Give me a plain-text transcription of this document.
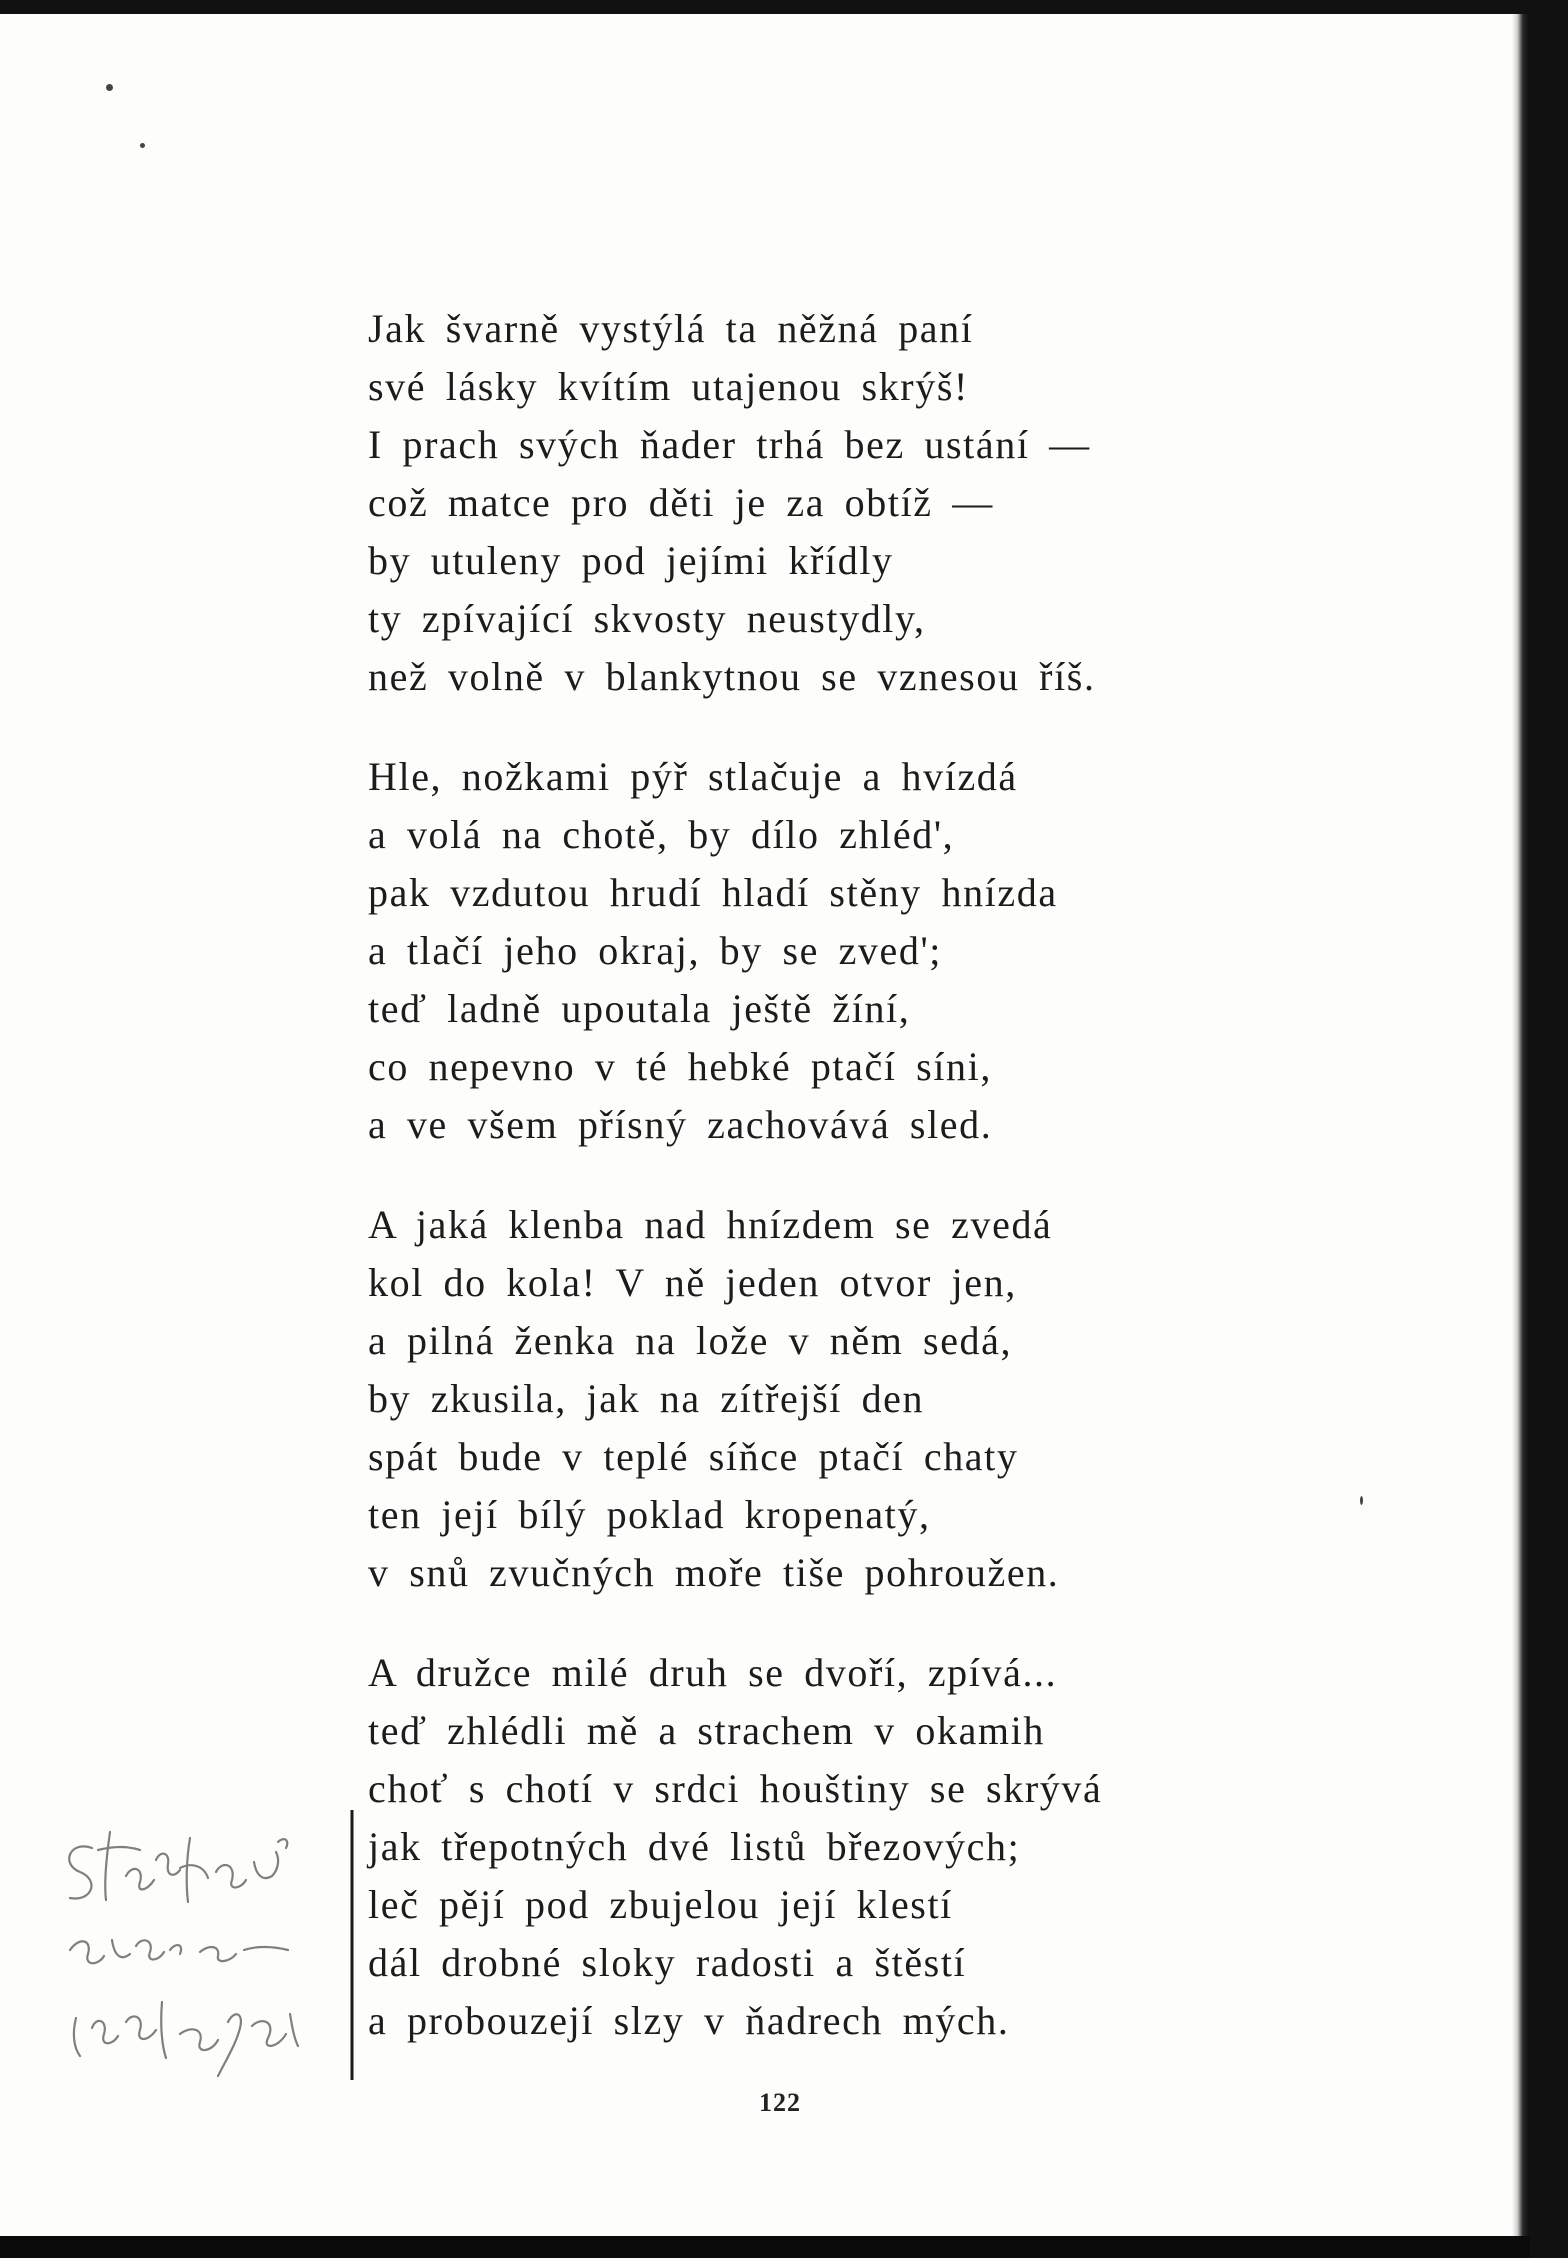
Jak švarně vystýlá ta něžná paní
své lásky kvítím utajenou skrýš!
I prach svých ňader trhá bez ustání —
což matce pro děti je za obtíž —
by utuleny pod jejími křídly
ty zpívající skvosty neustydly,
než volně v blankytnou se vznesou říš.
Hle, nožkami pýř stlačuje a hvízdá
a volá na chotě, by dílo zhléd',
pak vzdutou hrudí hladí stěny hnízda
a tlačí jeho okraj, by se zved';
teď ladně upoutala ještě žíní,
co nepevno v té hebké ptačí síni,
a ve všem přísný zachovává sled.
A jaká klenba nad hnízdem se zvedá
kol do kola! V ně jeden otvor jen,
a pilná ženka na lože v něm sedá,
by zkusila, jak na zítřejší den
spát bude v teplé síňce ptačí chaty
ten její bílý poklad kropenatý,
v snů zvučných moře tiše pohroužen.
A družce milé druh se dvoří, zpívá...
teď zhlédli mě a strachem v okamih
choť s chotí v srdci houštiny se skrývá
jak třepotných dvé listů březových;
leč pějí pod zbujelou její klestí
dál drobné sloky radosti a štěstí
a probouzejí slzy v ňadrech mých.
122
